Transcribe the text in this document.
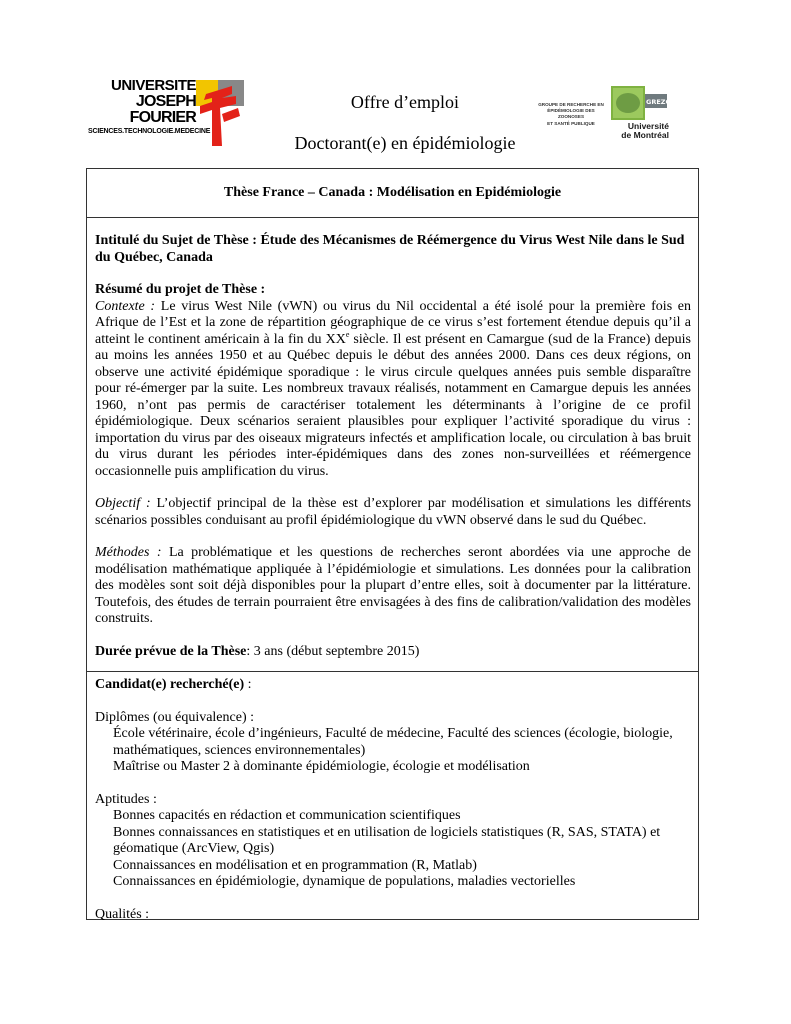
UNIVERSITE
JOSEPH FOURIER
SCIENCES.TECHNOLOGIE.MEDECINE
Offre d’emploi
Doctorant(e) en épidémiologie
GROUPE DE RECHERCHE EN
ÉPIDÉMIOLOGIE DES ZOONOSES
ET SANTÉ PUBLIQUE
GREZOSP
Université
de Montréal
Thèse France – Canada : Modélisation en Epidémiologie

Intitulé du Sujet de Thèse : Étude des Mécanismes de Réémergence du Virus West Nile dans le Sud du Québec, Canada

Résumé du projet de Thèse :

Contexte : Le virus West Nile (vWN) ou virus du Nil occidental a été isolé pour la première fois en Afrique de l’Est et la zone de répartition géographique de ce virus s’est fortement étendue depuis qu’il a atteint le continent américain à la fin du XXe siècle. Il est présent en Camargue (sud de la France) depuis au moins les années 1950 et au Québec depuis le début des années 2000. Dans ces deux régions, on observe une activité épidémique sporadique : le virus circule quelques années puis semble disparaître pour ré-émerger par la suite. Les nombreux travaux réalisés, notamment en Camargue depuis les années 1960, n’ont pas permis de caractériser totalement les déterminants à l’origine de ce profil épidémiologique. Deux scénarios seraient plausibles pour expliquer l’activité sporadique du virus : importation du virus par des oiseaux migrateurs infectés et amplification locale, ou circulation à bas bruit du virus durant les périodes inter-épidémiques dans des zones non-surveillées et réémergence occasionnelle puis amplification du virus.

Objectif : L’objectif principal de la thèse est d’explorer par modélisation et simulations les différents scénarios possibles conduisant au profil épidémiologique du vWN observé dans le sud du Québec.

Méthodes : La problématique et les questions de recherches seront abordées via une approche de modélisation mathématique appliquée à l’épidémiologie et simulations. Les données pour la calibration des modèles sont soit déjà disponibles pour la plupart d’entre elles, soit à documenter par la littérature. Toutefois, des études de terrain pourraient être envisagées à des fins de calibration/validation des modèles construits.

Durée prévue de la Thèse: 3 ans (début septembre 2015)

Candidat(e) recherché(e) :

Diplômes (ou équivalence) :

École vétérinaire, école d’ingénieurs, Faculté de médecine, Faculté des sciences (écologie, biologie, mathématiques, sciences environnementales)

Maîtrise ou Master 2 à dominante épidémiologie, écologie et modélisation

Aptitudes :

Bonnes capacités en rédaction et communication scientifiques

Bonnes connaissances en statistiques et en utilisation de logiciels statistiques (R, SAS, STATA) et géomatique (ArcView, Qgis)

Connaissances en modélisation et en programmation (R, Matlab)

Connaissances en épidémiologie, dynamique de populations, maladies vectorielles

Qualités :
